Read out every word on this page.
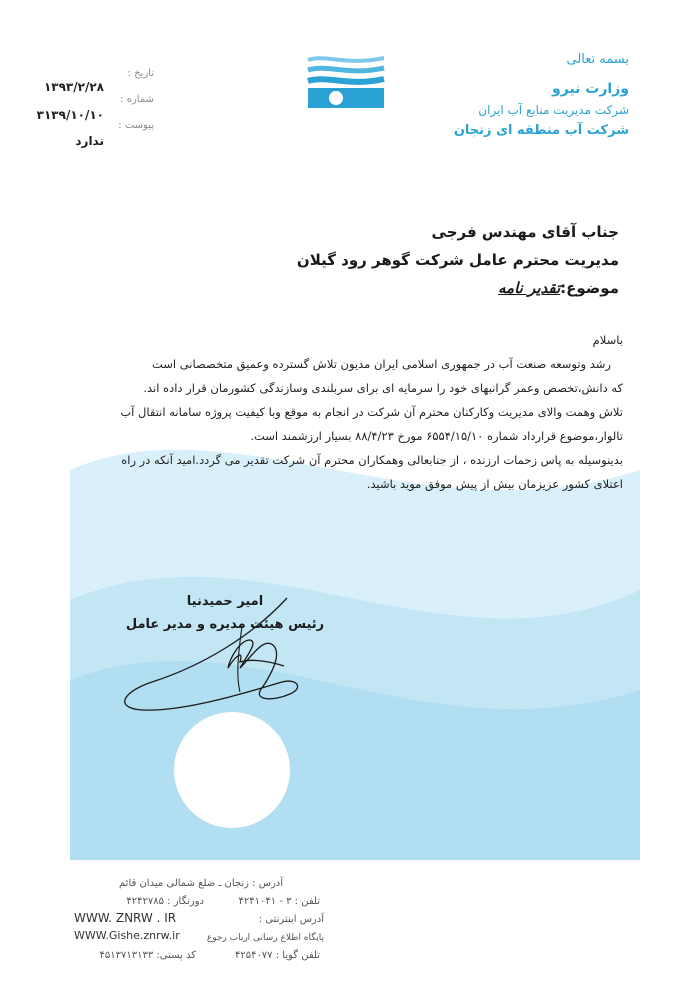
بسمه تعالی
وزارت نیرو
شرکت مدیریت منابع آب ایران
شرکت آب منطقه ای زنجان
تاریخ :
۱۳۹۳/۲/۲۸
شماره :
۳۱۳۹/۱۰/۱۰
پیوست :
ندارد
جناب آقای مهندس فرجی
مدیریت محترم عامل شرکت گوهر رود گیلان
موضوع:تقدیر نامه
باسلام
رشد وتوسعه صنعت آب در جمهوری اسلامی ایران مدیون تلاش گسترده وعمیق متخصصانی است
که دانش،تخصص وعمر گرانبهای خود را سرمایه ای برای سربلندی وسازندگی کشورمان قرار داده اند.
تلاش وهمت والای مدیریت وکارکنان محترم آن شرکت در انجام به موقع وبا کیفیت پروژه سامانه انتقال آب
تالوار،موضوع قرارداد شماره ۶۵۵۴/۱۵/۱۰ مورخ ۸۸/۴/۲۳ بسیار ارزشمند است.
بدینوسیله به پاس زحمات ارزنده ، از جنابعالی وهمکاران محترم آن شرکت تقدیر می گردد.امید آنکه در راه
اعتلای کشور عزیزمان بیش از پیش موفق موید باشید.
امیر حمیدنیا
رئیس هیئت مدیره و مدیر عامل
آدرس : زنجان ـ ضلع شمالی میدان قائم
تلفن : ۳ - ۴۲۴۱۰۴۱
دورنگار : ۴۲۴۲۷۸۵
آدرس اینترنتی :
WWW. ZNRW . IR
پایگاه اطلاع رسانی ارباب رجوع
WWW.Gishe.znrw.ir
تلفن گویا : ۴۲۵۴۰۷۷
کد پستی: ۴۵۱۳۷۱۳۱۳۳
